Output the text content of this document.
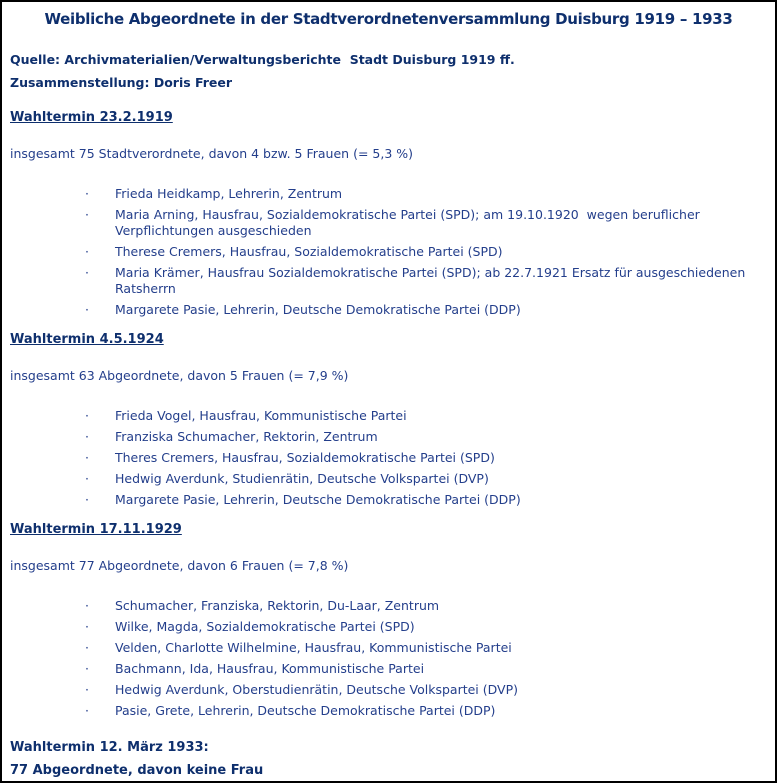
Weibliche Abgeordnete in der Stadtverordnetenversammlung Duisburg 1919 – 1933
Quelle: Archivmaterialien/Verwaltungsberichte  Stadt Duisburg 1919 ff.
Zusammenstellung: Doris Freer
Wahltermin 23.2.1919
insgesamt 75 Stadtverordnete, davon 4 bzw. 5 Frauen (= 5,3 %)
·	Frieda Heidkamp, Lehrerin, Zentrum
·	Maria Arning, Hausfrau, Sozialdemokratische Partei (SPD); am 19.10.1920  wegen beruflicher Verpflichtungen ausgeschieden
·	Therese Cremers, Hausfrau, Sozialdemokratische Partei (SPD)
·	Maria Krämer, Hausfrau Sozialdemokratische Partei (SPD); ab 22.7.1921 Ersatz für ausgeschiedenen Ratsherrn
·	Margarete Pasie, Lehrerin, Deutsche Demokratische Partei (DDP)
Wahltermin 4.5.1924
insgesamt 63 Abgeordnete, davon 5 Frauen (= 7,9 %)
·	Frieda Vogel, Hausfrau, Kommunistische Partei
·	Franziska Schumacher, Rektorin, Zentrum
·	Theres Cremers, Hausfrau, Sozialdemokratische Partei (SPD)
·	Hedwig Averdunk, Studienrätin, Deutsche Volkspartei (DVP)
·	Margarete Pasie, Lehrerin, Deutsche Demokratische Partei (DDP)
Wahltermin 17.11.1929
insgesamt 77 Abgeordnete, davon 6 Frauen (= 7,8 %)
·	Schumacher, Franziska, Rektorin, Du-Laar, Zentrum
·	Wilke, Magda, Sozialdemokratische Partei (SPD)
·	Velden, Charlotte Wilhelmine, Hausfrau, Kommunistische Partei
·	Bachmann, Ida, Hausfrau, Kommunistische Partei
·	Hedwig Averdunk, Oberstudienrätin, Deutsche Volkspartei (DVP)
·	Pasie, Grete, Lehrerin, Deutsche Demokratische Partei (DDP)
Wahltermin 12. März 1933:
77 Abgeordnete, davon keine Frau
